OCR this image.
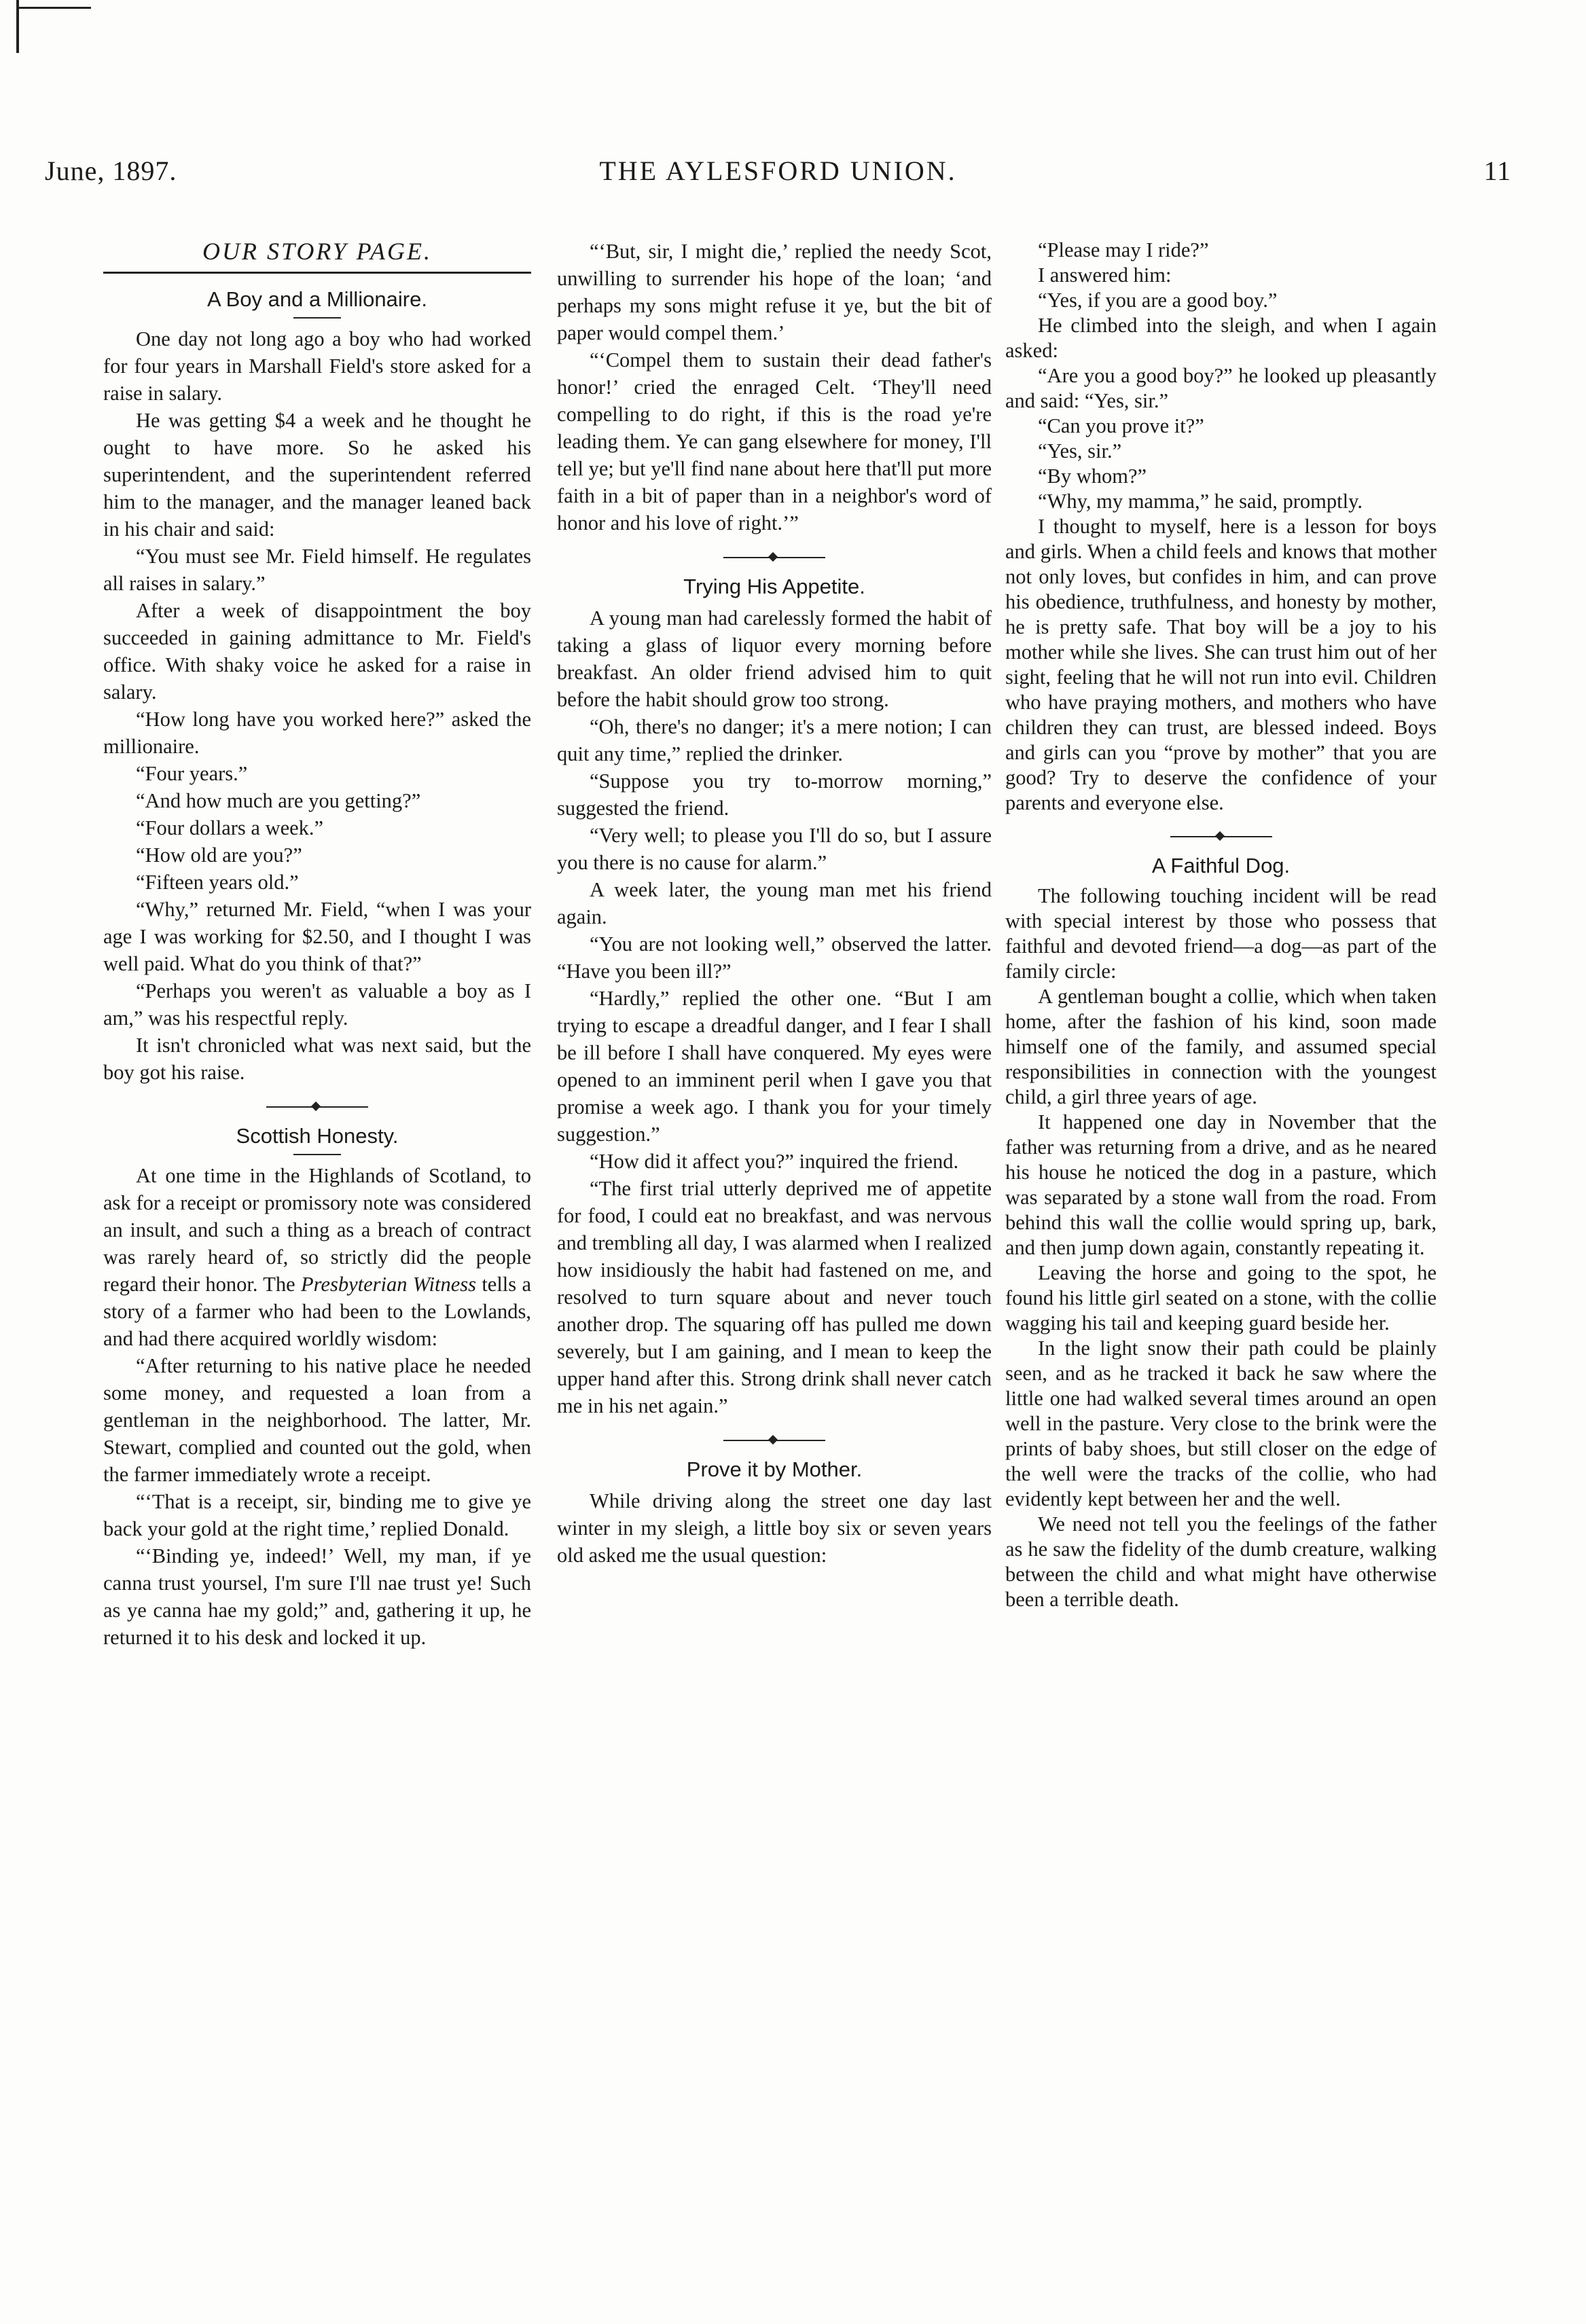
June, 1897.	THE AYLESFORD UNION.	11
OUR STORY PAGE.
A Boy and a Millionaire.

One day not long ago a boy who had worked for four years in Marshall Field's store asked for a raise in salary.

He was getting $4 a week and he thought he ought to have more. So he asked his superintendent, and the superintendent referred him to the manager, and the manager leaned back in his chair and said:

“You must see Mr. Field himself. He regulates all raises in salary.”

After a week of disappointment the boy succeeded in gaining admittance to Mr. Field's office. With shaky voice he asked for a raise in salary.

“How long have you worked here?” asked the millionaire.

“Four years.”

“And how much are you getting?”

“Four dollars a week.”

“How old are you?”

“Fifteen years old.”

“Why,” returned Mr. Field, “when I was your age I was working for $2.50, and I thought I was well paid. What do you think of that?”

“Perhaps you weren't as valuable a boy as I am,” was his respectful reply.

It isn't chronicled what was next said, but the boy got his raise.

Scottish Honesty.

At one time in the Highlands of Scotland, to ask for a receipt or promissory note was considered an insult, and such a thing as a breach of contract was rarely heard of, so strictly did the people regard their honor. The Presbyterian Witness tells a story of a farmer who had been to the Lowlands, and had there acquired worldly wisdom:

“After returning to his native place he needed some money, and requested a loan from a gentleman in the neighborhood. The latter, Mr. Stewart, complied and counted out the gold, when the farmer immediately wrote a receipt.

“‘That is a receipt, sir, binding me to give ye back your gold at the right time,’ replied Donald.

“‘Binding ye, indeed!’ Well, my man, if ye canna trust yoursel, I'm sure I'll nae trust ye! Such as ye canna hae my gold;” and, gathering it up, he returned it to his desk and locked it up.

“‘But, sir, I might die,’ replied the needy Scot, unwilling to surrender his hope of the loan; ‘and perhaps my sons might refuse it ye, but the bit of paper would compel them.’

“‘Compel them to sustain their dead father's honor!’ cried the enraged Celt. ‘They'll need compelling to do right, if this is the road ye're leading them. Ye can gang elsewhere for money, I'll tell ye; but ye'll find nane about here that'll put more faith in a bit of paper than in a neighbor's word of honor and his love of right.’”

Trying His Appetite.

A young man had carelessly formed the habit of taking a glass of liquor every morning before breakfast. An older friend advised him to quit before the habit should grow too strong.

“Oh, there's no danger; it's a mere notion; I can quit any time,” replied the drinker.

“Suppose you try to-morrow morning,” suggested the friend.

“Very well; to please you I'll do so, but I assure you there is no cause for alarm.”

A week later, the young man met his friend again.

“You are not looking well,” observed the latter. “Have you been ill?”

“Hardly,” replied the other one. “But I am trying to escape a dreadful danger, and I fear I shall be ill before I shall have conquered. My eyes were opened to an imminent peril when I gave you that promise a week ago. I thank you for your timely suggestion.”

“How did it affect you?” inquired the friend.

“The first trial utterly deprived me of appetite for food, I could eat no breakfast, and was nervous and trembling all day, I was alarmed when I realized how insidiously the habit had fastened on me, and resolved to turn square about and never touch another drop. The squaring off has pulled me down severely, but I am gaining, and I mean to keep the upper hand after this. Strong drink shall never catch me in his net again.”

Prove it by Mother.

While driving along the street one day last winter in my sleigh, a little boy six or seven years old asked me the usual question:

“Please may I ride?”

I answered him:

“Yes, if you are a good boy.”

He climbed into the sleigh, and when I again asked:

“Are you a good boy?” he looked up pleasantly and said: “Yes, sir.”

“Can you prove it?”

“Yes, sir.”

“By whom?”

“Why, my mamma,” he said, promptly.

I thought to myself, here is a lesson for boys and girls. When a child feels and knows that mother not only loves, but confides in him, and can prove his obedience, truthfulness, and honesty by mother, he is pretty safe. That boy will be a joy to his mother while she lives. She can trust him out of her sight, feeling that he will not run into evil. Children who have praying mothers, and mothers who have children they can trust, are blessed indeed. Boys and girls can you “prove by mother” that you are good? Try to deserve the confidence of your parents and everyone else.

A Faithful Dog.

The following touching incident will be read with special interest by those who possess that faithful and devoted friend—a dog—as part of the family circle:

A gentleman bought a collie, which when taken home, after the fashion of his kind, soon made himself one of the family, and assumed special responsibilities in connection with the youngest child, a girl three years of age.

It happened one day in November that the father was returning from a drive, and as he neared his house he noticed the dog in a pasture, which was separated by a stone wall from the road. From behind this wall the collie would spring up, bark, and then jump down again, constantly repeating it.

Leaving the horse and going to the spot, he found his little girl seated on a stone, with the collie wagging his tail and keeping guard beside her.

In the light snow their path could be plainly seen, and as he tracked it back he saw where the little one had walked several times around an open well in the pasture. Very close to the brink were the prints of baby shoes, but still closer on the edge of the well were the tracks of the collie, who had evidently kept between her and the well.

We need not tell you the feelings of the father as he saw the fidelity of the dumb creature, walking between the child and what might have otherwise been a terrible death.
